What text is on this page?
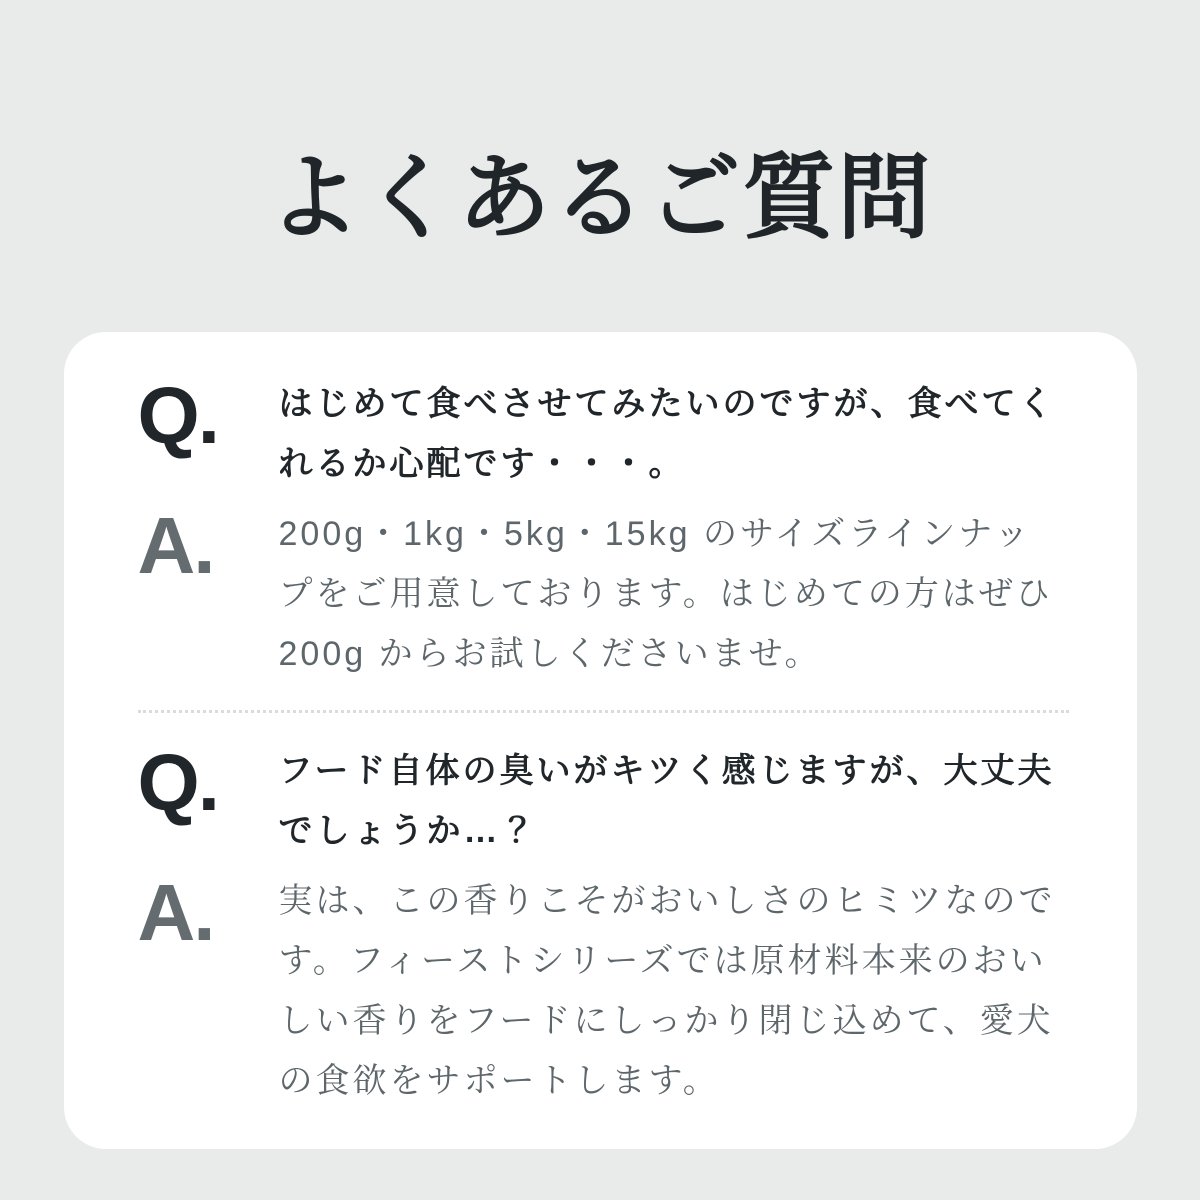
よくあるご質問
Q.	はじめて食べさせてみたいのですが、食べてくれるか心配です・・・。
A.	200g・1kg・5kg・15kg のサイズラインナップをご用意しております。はじめての方はぜひ 200g からお試しくださいませ。
Q.	フード自体の臭いがキツく感じますが、大丈夫でしょうか…？
A.	実は、この香りこそがおいしさのヒミツなのです。フィーストシリーズでは原材料本来のおいしい香りをフードにしっかり閉じ込めて、愛犬の食欲をサポートします。
